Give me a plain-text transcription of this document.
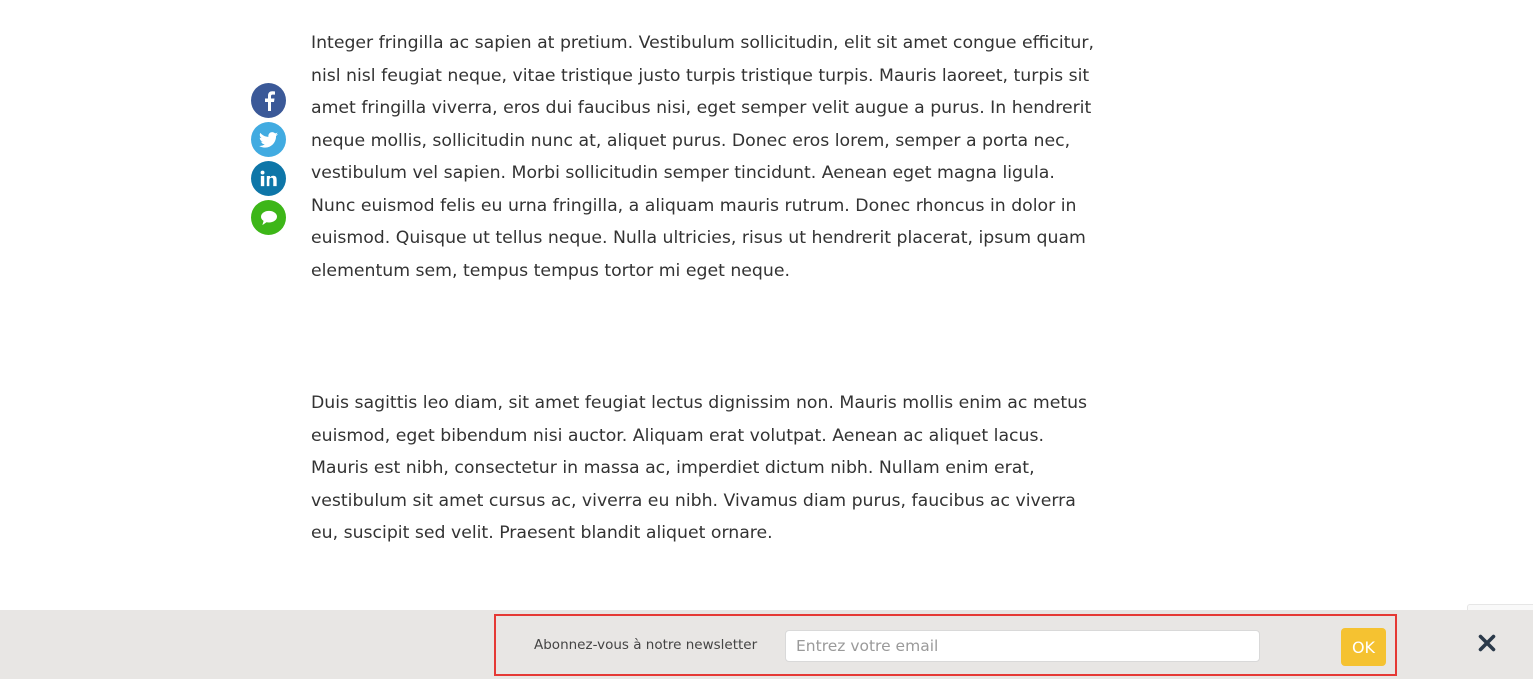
Integer fringilla ac sapien at pretium. Vestibulum sollicitudin, elit sit amet congue efficitur, nisl nisl feugiat neque, vitae tristique justo turpis tristique turpis. Mauris laoreet, turpis sit amet fringilla viverra, eros dui faucibus nisi, eget semper velit augue a purus. In hendrerit neque mollis, sollicitudin nunc at, aliquet purus. Donec eros lorem, semper a porta nec, vestibulum vel sapien. Morbi sollicitudin semper tincidunt. Aenean eget magna ligula. Nunc euismod felis eu urna fringilla, a aliquam mauris rutrum. Donec rhoncus in dolor in euismod. Quisque ut tellus neque. Nulla ultricies, risus ut hendrerit placerat, ipsum quam elementum sem, tempus tempus tortor mi eget neque.

Duis sagittis leo diam, sit amet feugiat lectus dignissim non. Mauris mollis enim ac metus euismod, eget bibendum nisi auctor. Aliquam erat volutpat. Aenean ac aliquet lacus. Mauris est nibh, consectetur in massa ac, imperdiet dictum nibh. Nullam enim erat, vestibulum sit amet cursus ac, viverra eu nibh. Vivamus diam purus, faucibus ac viverra eu, suscipit sed velit. Praesent blandit aliquet ornare.

Abonnez-vous à notre newsletter
Entrez votre email	OK
